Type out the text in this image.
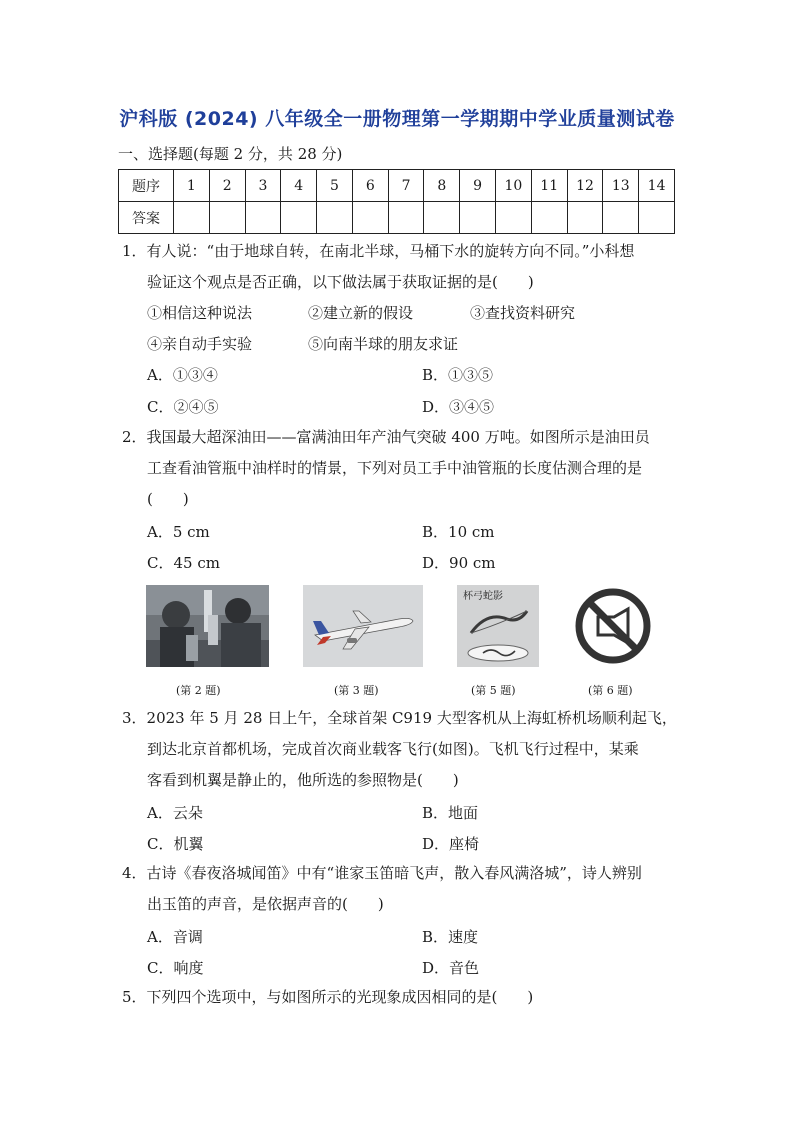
沪科版 (2024) 八年级全一册物理第一学期期中学业质量测试卷
一、选择题(每题 2 分，共 28 分)
题序	1	2	3	4	5	6	7	8	9	10	11	12	13	14
答案														
1．有人说：“由于地球自转，在南北半球，马桶下水的旋转方向不同。”小科想
验证这个观点是否正确，以下做法属于获取证据的是(　　)
①相信这种说法	②建立新的假设	③查找资料研究
④亲自动手实验	⑤向南半球的朋友求证
A．①③④	B．①③⑤
C．②④⑤	D．③④⑤
2．我国最大超深油田——富满油田年产油气突破 400 万吨。如图所示是油田员
工查看油管瓶中油样时的情景，下列对员工手中油管瓶的长度估测合理的是
(　　)
A．5 cm	B．10 cm
C．45 cm	D．90 cm
杯弓蛇影
(第 2 题)	(第 3 题)	(第 5 题)	(第 6 题)
3．2023 年 5 月 28 日上午，全球首架 C919 大型客机从上海虹桥机场顺利起飞，
到达北京首都机场，完成首次商业载客飞行(如图)。飞机飞行过程中，某乘
客看到机翼是静止的，他所选的参照物是(　　)
A．云朵	B．地面
C．机翼	D．座椅
4．古诗《春夜洛城闻笛》中有“谁家玉笛暗飞声，散入春风满洛城”，诗人辨别
出玉笛的声音，是依据声音的(　　)
A．音调	B．速度
C．响度	D．音色
5．下列四个选项中，与如图所示的光现象成因相同的是(　　)
